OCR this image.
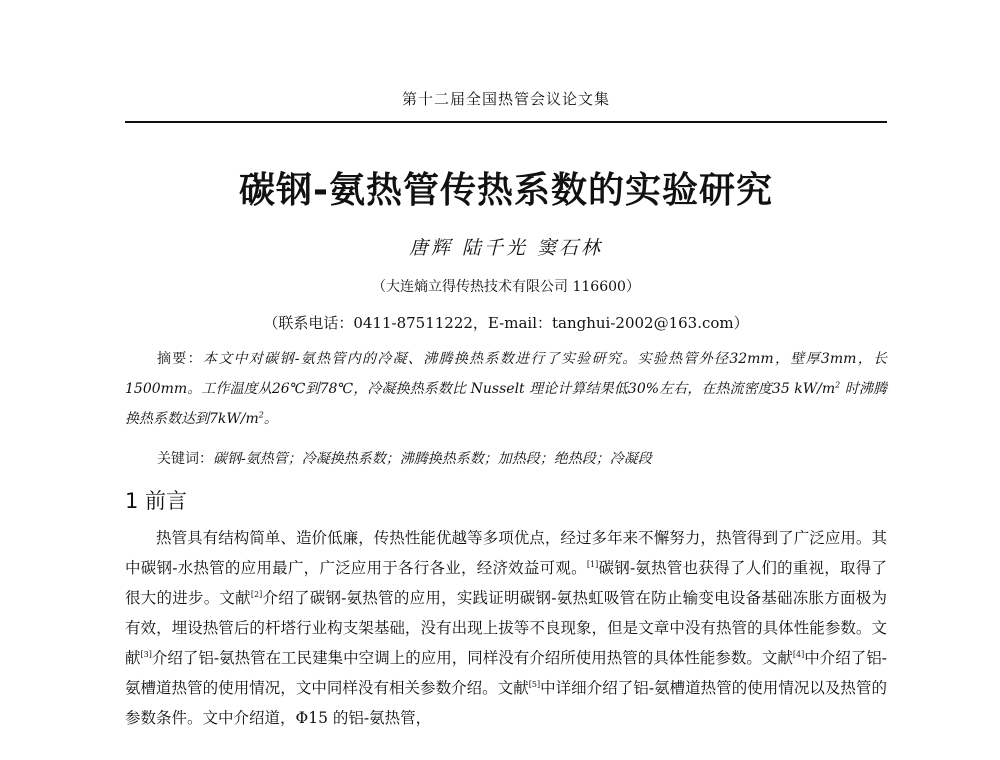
第十二届全国热管会议论文集
碳钢-氨热管传热系数的实验研究
唐辉 陆千光 窦石林
（大连熵立得传热技术有限公司 116600）
（联系电话：0411-87511222，E-mail：tanghui-2002@163.com）
摘要：本文中对碳钢-氨热管内的冷凝、沸腾换热系数进行了实验研究。实验热管外径32mm，壁厚3mm，长1500mm。工作温度从26℃到78℃，冷凝换热系数比 Nusselt 理论计算结果低30%左右，在热流密度35 $kW/m^2$ 时沸腾换热系数达到$7kW/m^2$。
关键词：碳钢-氨热管；冷凝换热系数；沸腾换热系数；加热段；绝热段；冷凝段
1 前言
热管具有结构简单、造价低廉，传热性能优越等多项优点，经过多年来不懈努力，热管得到了广泛应用。其中碳钢-水热管的应用最广，广泛应用于各行各业，经济效益可观。[1]碳钢-氨热管也获得了人们的重视，取得了很大的进步。文献[2]介绍了碳钢-氨热管的应用，实践证明碳钢-氨热虹吸管在防止输变电设备基础冻胀方面极为有效，埋设热管后的杆塔行业构支架基础，没有出现上拔等不良现象，但是文章中没有热管的具体性能参数。文献[3]介绍了铝-氨热管在工民建集中空调上的应用，同样没有介绍所使用热管的具体性能参数。文献[4]中介绍了铝-氨槽道热管的使用情况，文中同样没有相关参数介绍。文献[5]中详细介绍了铝-氨槽道热管的使用情况以及热管的参数条件。文中介绍道，Φ15 的铝-氨热管，
